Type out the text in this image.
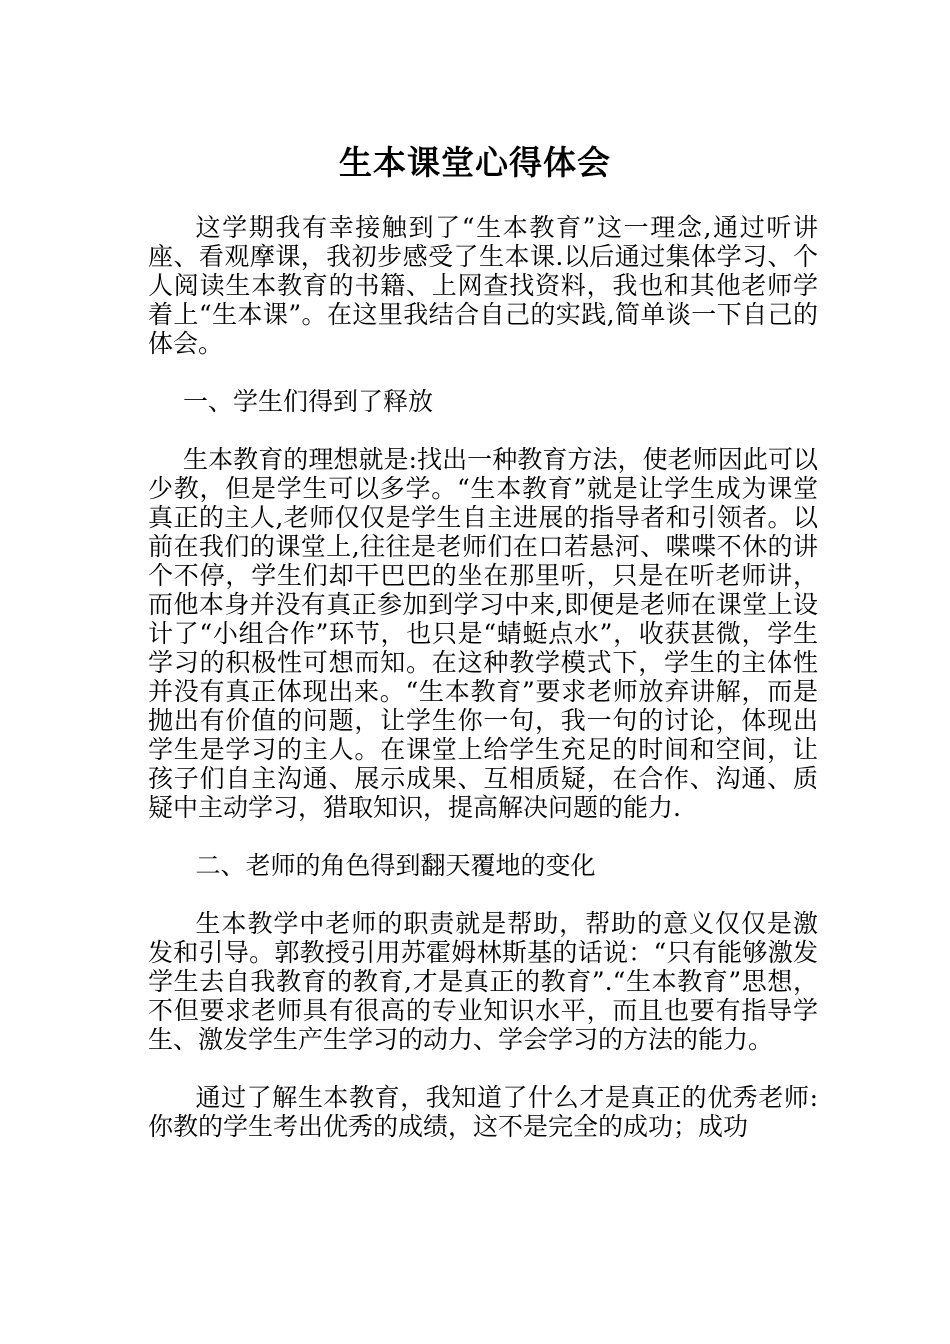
生本课堂心得体会

这学期我有幸接触到了“生本教育”这一理念,通过听讲座、看观摩课，我初步感受了生本课.以后通过集体学习、个人阅读生本教育的书籍、上网查找资料，我也和其他老师学着上“生本课”。在这里我结合自己的实践,简单谈一下自己的体会。

一、学生们得到了释放

生本教育的理想就是:找出一种教育方法，使老师因此可以少教，但是学生可以多学。“生本教育”就是让学生成为课堂真正的主人,老师仅仅是学生自主进展的指导者和引领者。以前在我们的课堂上,往往是老师们在口若悬河、喋喋不休的讲个不停，学生们却干巴巴的坐在那里听，只是在听老师讲，而他本身并没有真正参加到学习中来,即便是老师在课堂上设计了“小组合作”环节，也只是“蜻蜓点水”，收获甚微，学生学习的积极性可想而知。在这种教学模式下，学生的主体性并没有真正体现出来。“生本教育”要求老师放弃讲解，而是抛出有价值的问题，让学生你一句，我一句的讨论，体现出学生是学习的主人。在课堂上给学生充足的时间和空间，让孩子们自主沟通、展示成果、互相质疑，在合作、沟通、质疑中主动学习，猎取知识，提高解决问题的能力.

二、老师的角色得到翻天覆地的变化

生本教学中老师的职责就是帮助，帮助的意义仅仅是激发和引导。郭教授引用苏霍姆林斯基的话说：“只有能够激发学生去自我教育的教育,才是真正的教育”.“生本教育”思想，不但要求老师具有很高的专业知识水平，而且也要有指导学生、激发学生产生学习的动力、学会学习的方法的能力。

通过了解生本教育，我知道了什么才是真正的优秀老师:你教的学生考出优秀的成绩，这不是完全的成功；成功
